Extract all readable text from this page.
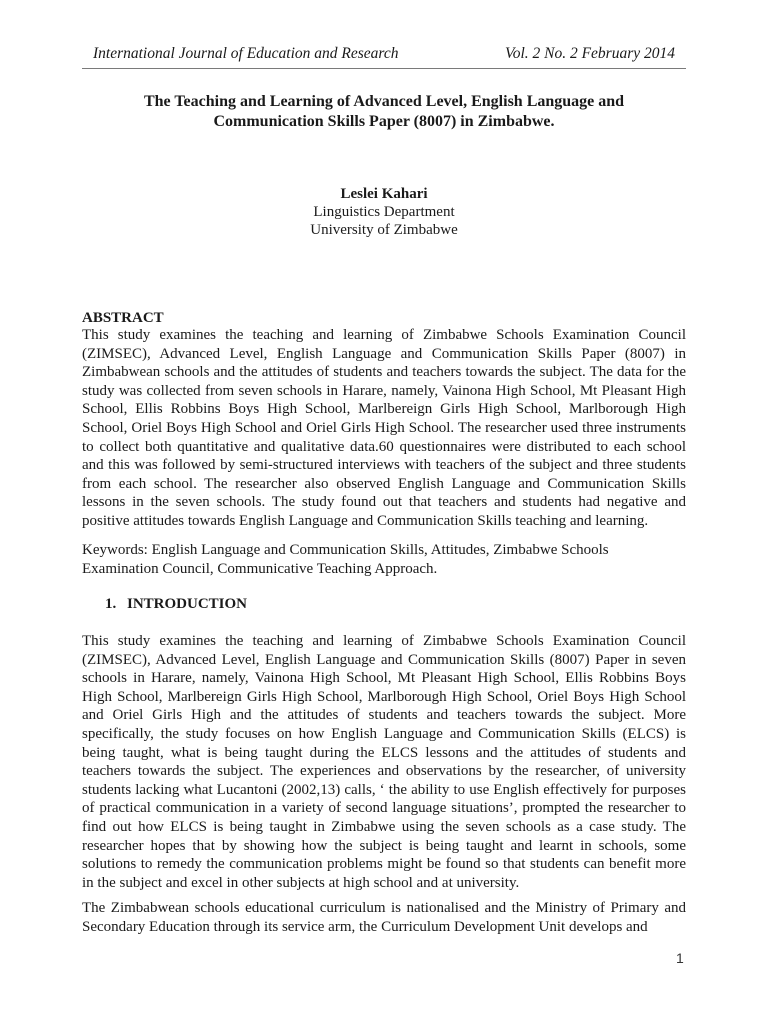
International Journal of Education and Research	Vol. 2 No. 2 February 2014
The Teaching and Learning of Advanced Level, English Language and
Communication Skills Paper (8007) in Zimbabwe.
Leslei Kahari
Linguistics Department
University of Zimbabwe
ABSTRACT
This study examines the teaching and learning of Zimbabwe Schools Examination Council (ZIMSEC), Advanced Level, English Language and Communication Skills Paper (8007) in Zimbabwean schools and the attitudes of students and teachers towards the subject. The data for the study was collected from seven schools in Harare, namely, Vainona High School, Mt Pleasant High School, Ellis Robbins Boys High School, Marlbereign Girls High School, Marlborough High School, Oriel Boys High School and Oriel Girls High School. The researcher used three instruments to collect both quantitative and qualitative data.60 questionnaires were distributed to each school and this was followed by semi-structured interviews with teachers of the subject and three students from each school. The researcher also observed English Language and Communication Skills lessons in the seven schools. The study found out that teachers and students had negative and positive attitudes towards English Language and Communication Skills teaching and learning.
Keywords: English Language and Communication Skills, Attitudes, Zimbabwe Schools Examination Council, Communicative Teaching Approach.
1. INTRODUCTION
This study examines the teaching and learning of Zimbabwe Schools Examination Council (ZIMSEC), Advanced Level, English Language and Communication Skills (8007) Paper in seven schools in Harare, namely, Vainona High School, Mt Pleasant High School, Ellis Robbins Boys High School, Marlbereign Girls High School, Marlborough High School, Oriel Boys High School and Oriel Girls High and the attitudes of students and teachers towards the subject. More specifically, the study focuses on how English Language and Communication Skills (ELCS) is being taught, what is being taught during the ELCS lessons and the attitudes of students and teachers towards the subject. The experiences and observations by the researcher, of university students lacking what Lucantoni (2002,13) calls, ‘ the ability to use English effectively for purposes of practical communication in a variety of second language situations’, prompted the researcher to find out how ELCS is being taught in Zimbabwe using the seven schools as a case study. The researcher hopes that by showing how the subject is being taught and learnt in schools, some solutions to remedy the communication problems might be found so that students can benefit more in the subject and excel in other subjects at high school and at university.
The Zimbabwean schools educational curriculum is nationalised and the Ministry of Primary and Secondary Education through its service arm, the Curriculum Development Unit develops and
1
